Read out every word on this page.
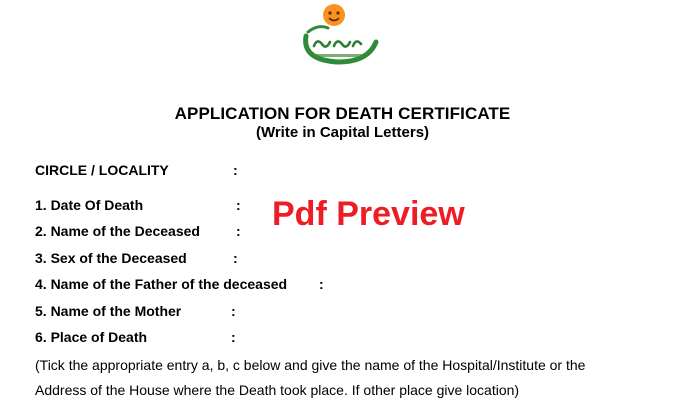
APPLICATION FOR DEATH CERTIFICATE
(Write in Capital Letters)
CIRCLE / LOCALITY	:
1. Date Of Death	:
2. Name of the Deceased	:
3. Sex of the Deceased	:
4. Name of the Father of the deceased :
5. Name of the Mother	:
6. Place of Death	:
Pdf Preview
(Tick the appropriate entry a, b, c below and give the name of the Hospital/Institute or the
Address of the House where the Death took place. If other place give location)
